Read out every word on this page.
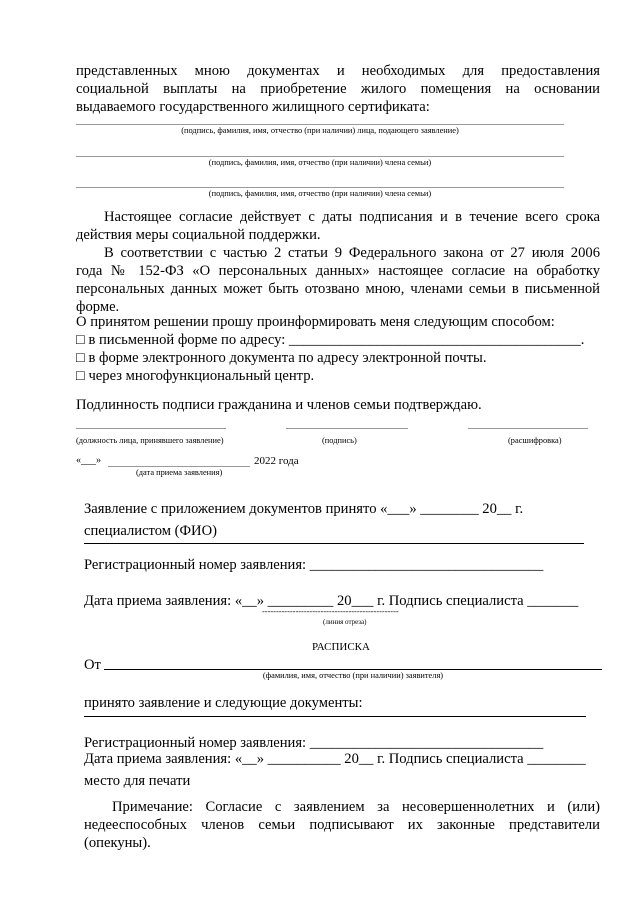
представленных мною документах и необходимых для предоставления
социальной выплаты на приобретение жилого помещения на основании
выдаваемого государственного жилищного сертификата:
(подпись, фамилия, имя, отчество (при наличии) лица, подающего заявление)
(подпись, фамилия, имя, отчество (при наличии) члена семьи)
(подпись, фамилия, имя, отчество (при наличии) члена семьи)
Настоящее согласие действует с даты подписания и в течение всего срока
действия меры социальной поддержки.
В соответствии с частью 2 статьи 9 Федерального закона от 27 июля 2006
года № 152-ФЗ «О персональных данных» настоящее согласие на обработку
персональных данных может быть отозвано мною, членами семьи в письменной
форме.
О принятом решении прошу проинформировать меня следующим способом:
□ в письменной форме по адресу: ________________________________________.
□ в форме электронного документа по адресу электронной почты.
□ через многофункциональный центр.
Подлинность подписи гражданина и членов семьи подтверждаю.
(должность лица, принявшего заявление)	(подпись)	(расшифровка)
«___»	2022 года
(дата приема заявления)
Заявление с приложением документов принято «___» ________ 20__ г.
специалистом (ФИО)
Регистрационный номер заявления: ________________________________
Дата приема заявления: «__» _________ 20___ г. Подпись специалиста _______
-------------------------------------------------
(линия отреза)
РАСПИСКА
От
(фамилия, имя, отчество (при наличии) заявителя)
принято заявление и следующие документы:
Регистрационный номер заявления: ________________________________
Дата приема заявления: «__» __________ 20__ г. Подпись специалиста ________
место для печати
Примечание: Согласие с заявлением за несовершеннолетних и (или)
недееспособных членов семьи подписывают их законные представители
(опекуны).
